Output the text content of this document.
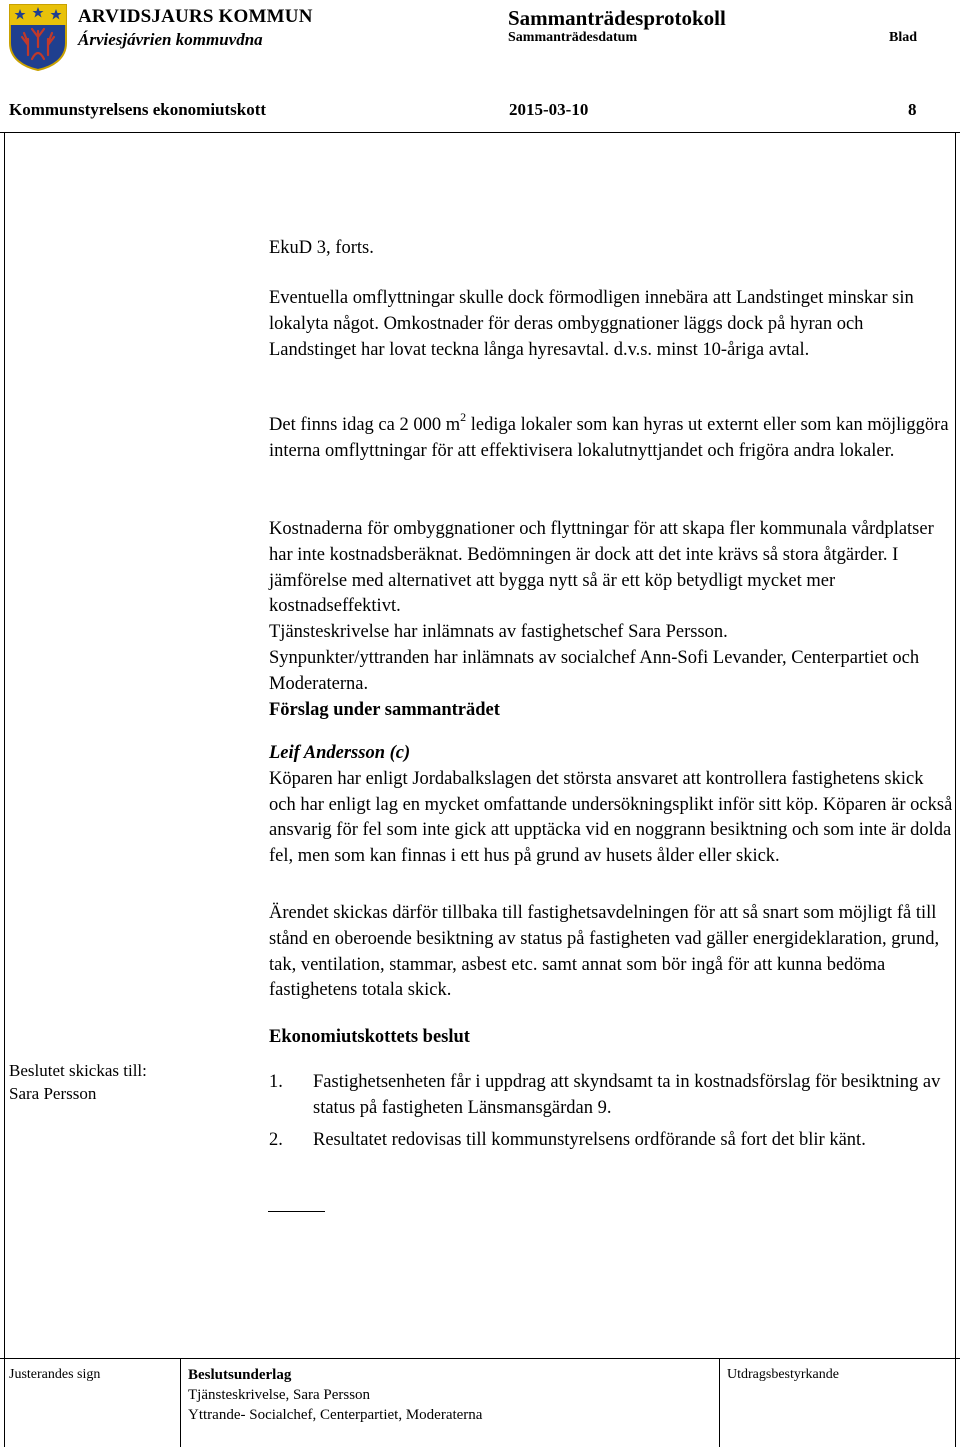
ARVIDSJAURS KOMMUN
Árviesjávrien kommuvdna
Sammanträdesprotokoll
Sammanträdesdatum	Blad
Kommunstyrelsens ekonomiutskott	2015-03-10	8

EkuD 3, forts.

Eventuella omflyttningar skulle dock förmodligen innebära att Landstinget minskar sin lokalyta något. Omkostnader för deras ombyggnationer läggs dock på hyran och Landstinget har lovat teckna långa hyresavtal. d.v.s. minst 10-åriga avtal.

Det finns idag ca 2 000 $m^2$ lediga lokaler som kan hyras ut externt eller som kan möjliggöra interna omflyttningar för att effektivisera lokalutnyttjandet och frigöra andra lokaler.

Kostnaderna för ombyggnationer och flyttningar för att skapa fler kommunala vårdplatser har inte kostnadsberäknat. Bedömningen är dock att det inte krävs så stora åtgärder. I jämförelse med alternativet att bygga nytt så är ett köp betydligt mycket mer kostnadseffektivt.

Tjänsteskrivelse har inlämnats av fastighetschef Sara Persson.

Synpunkter/yttranden har inlämnats av socialchef Ann-Sofi Levander, Centerpartiet och Moderaterna.

Förslag under sammanträdet

Leif Andersson (c)

Köparen har enligt Jordabalkslagen det största ansvaret att kontrollera fastighetens skick och har enligt lag en mycket omfattande undersökningsplikt inför sitt köp. Köparen är också ansvarig för fel som inte gick att upptäcka vid en noggrann besiktning och som inte är dolda fel, men som kan finnas i ett hus på grund av husets ålder eller skick.

Ärendet skickas därför tillbaka till fastighetsavdelningen för att så snart som möjligt få till stånd en oberoende besiktning av status på fastigheten vad gäller energideklaration, grund, tak, ventilation, stammar, asbest etc. samt annat som bör ingå för att kunna bedöma fastighetens totala skick.

Ekonomiutskottets beslut

1. Fastighetsenheten får i uppdrag att skyndsamt ta in kostnadsförslag för besiktning av status på fastigheten Länsmansgärdan 9.
2. Resultatet redovisas till kommunstyrelsens ordförande så fort det blir känt.
Beslutet skickas till:
Sara Persson
Justerandes sign	Beslutsunderlag
Tjänsteskrivelse, Sara Persson
Yttrande- Socialchef, Centerpartiet, Moderaterna
Utdragsbestyrkande
